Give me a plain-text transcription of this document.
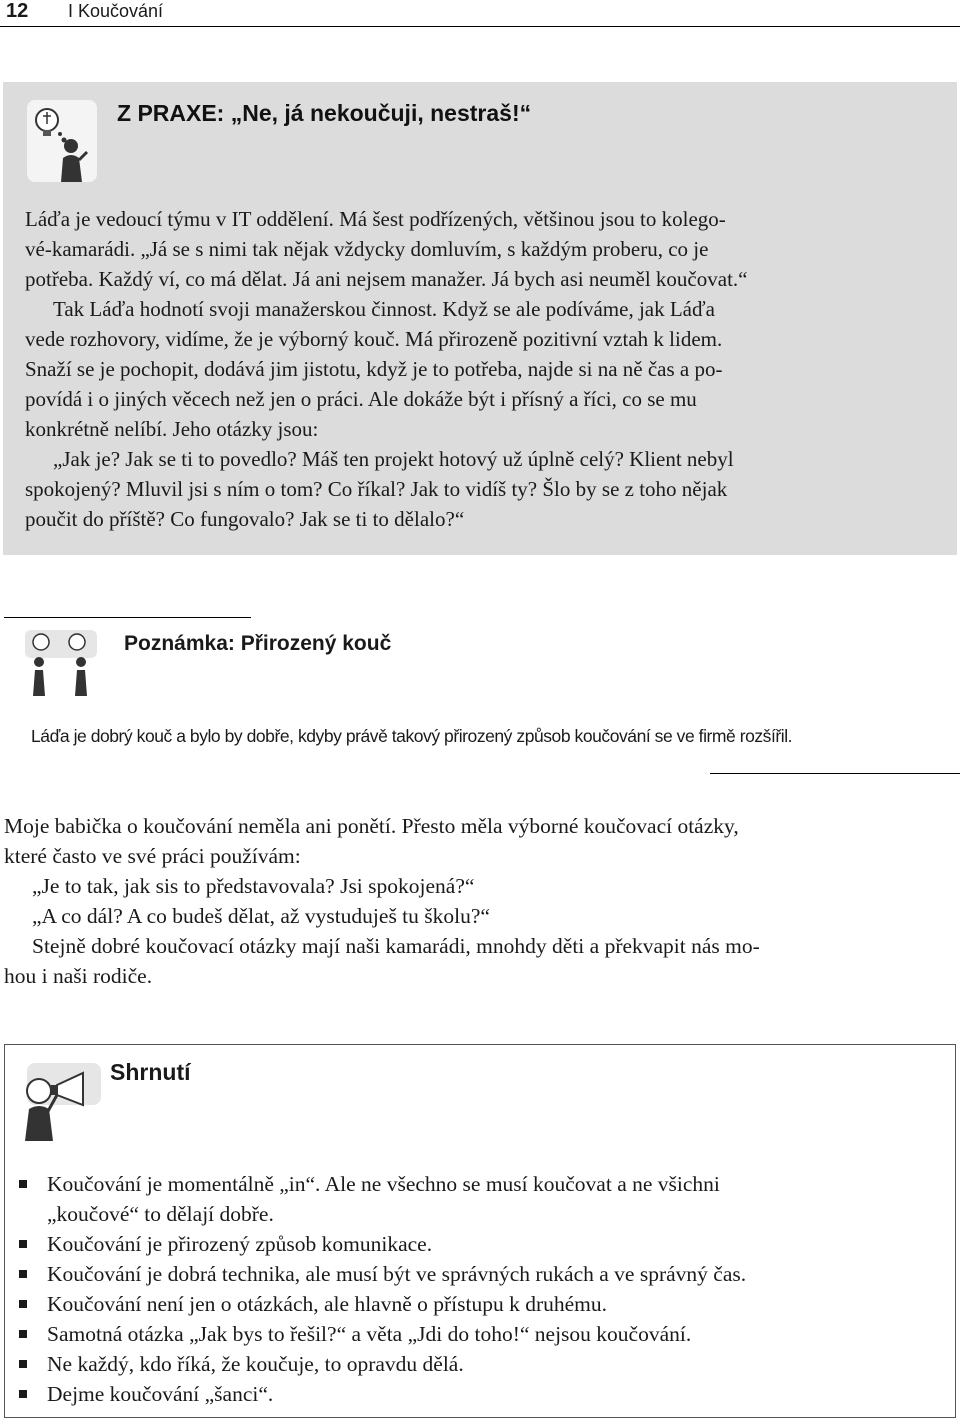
12 I Koučování
Z PRAXE: „Ne, já nekoučuji, nestraš!“

Láďa je vedoucí týmu v IT oddělení. Má šest podřízených, většinou jsou to kolego-

vé-kamarádi. „Já se s nimi tak nějak vždycky domluvím, s každým proberu, co je

potřeba. Každý ví, co má dělat. Já ani nejsem manažer. Já bych asi neuměl koučovat.“

Tak Láďa hodnotí svoji manažerskou činnost. Když se ale podíváme, jak Láďa

vede rozhovory, vidíme, že je výborný kouč. Má přirozeně pozitivní vztah k lidem.

Snaží se je pochopit, dodává jim jistotu, když je to potřeba, najde si na ně čas a po-

povídá i o jiných věcech než jen o práci. Ale dokáže být i přísný a říci, co se mu

konkrétně nelíbí. Jeho otázky jsou:

„Jak je? Jak se ti to povedlo? Máš ten projekt hotový už úplně celý? Klient nebyl

spokojený? Mluvil jsi s ním o tom? Co říkal? Jak to vidíš ty? Šlo by se z toho nějak

poučit do příště? Co fungovalo? Jak se ti to dělalo?“

Poznámka: Přirozený kouč
Láďa je dobrý kouč a bylo by dobře, kdyby právě takový přirozený způsob koučování se ve firmě rozšířil.

Moje babička o koučování neměla ani ponětí. Přesto měla výborné koučovací otázky,

které často ve své práci používám:

„Je to tak, jak sis to představovala? Jsi spokojená?“

„A co dál? A co budeš dělat, až vystuduješ tu školu?“

Stejně dobré koučovací otázky mají naši kamarádi, mnohdy děti a překvapit nás mo-

hou i naši rodiče.

Shrnutí
Koučování je momentálně „in“. Ale ne všechno se musí koučovat a ne všichni
„koučové“ to dělají dobře.
Koučování je přirozený způsob komunikace.
Koučování je dobrá technika, ale musí být ve správných rukách a ve správný čas.
Koučování není jen o otázkách, ale hlavně o přístupu k druhému.
Samotná otázka „Jak bys to řešil?“ a věta „Jdi do toho!“ nejsou koučování.
Ne každý, kdo říká, že koučuje, to opravdu dělá.
Dejme koučování „šanci“.
